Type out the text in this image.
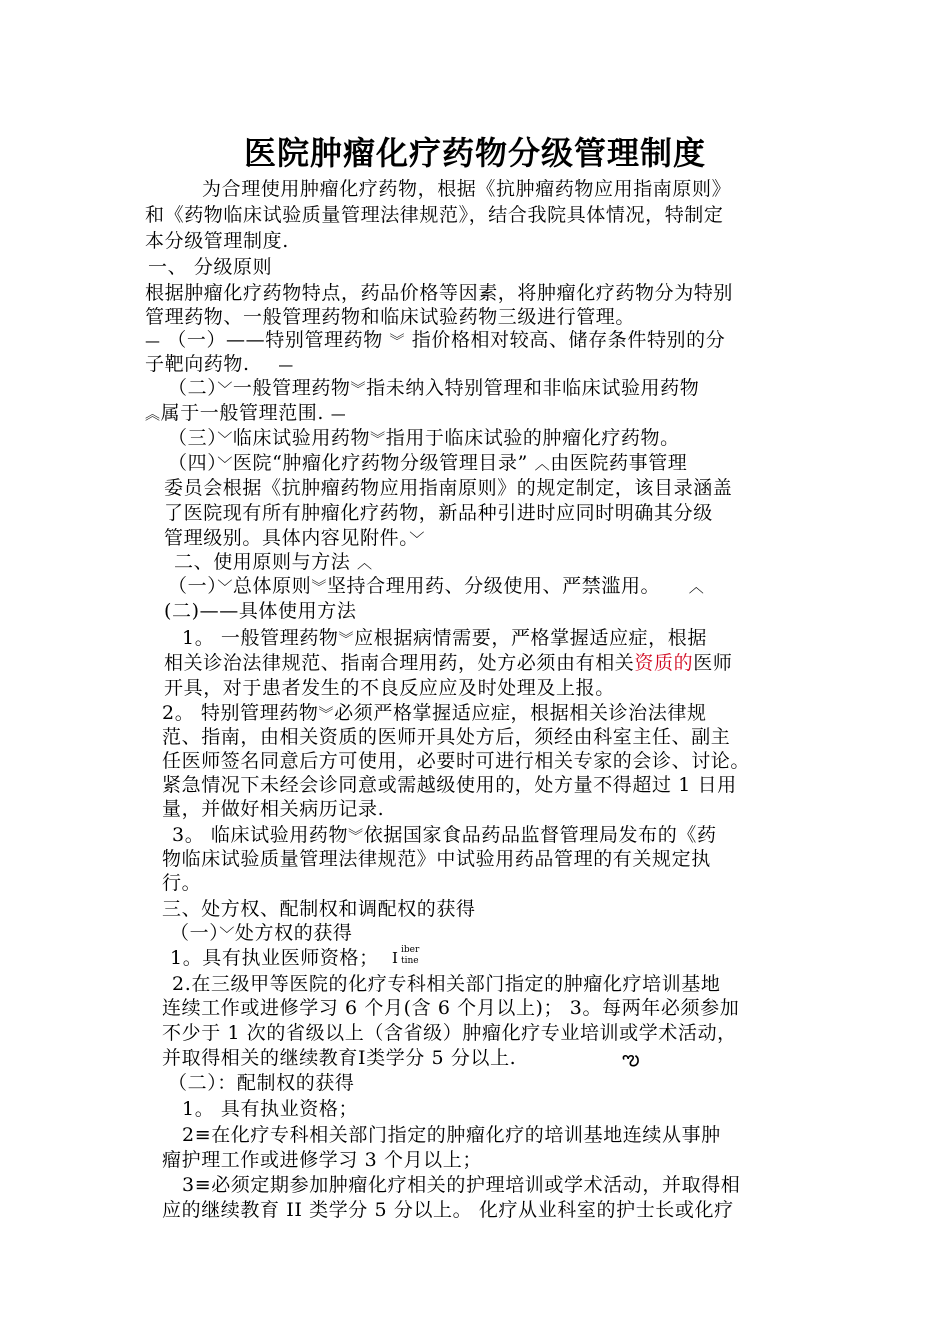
医院肿瘤化疗药物分级管理制度

为合理使用肿瘤化疗药物，根据《抗肿瘤药物应用指南原则》

和《药物临床试验质量管理法律规范》，结合我院具体情况，特制定

本分级管理制度.

一、 分级原则

根据肿瘤化疗药物特点，药品价格等因素，将肿瘤化疗药物分为特别

管理药物、一般管理药物和临床试验药物三级进行管理。

— （一）——特别管理药物 ︾ 指价格相对较高、储存条件特别的分

子靶向药物. —

（二）﹀一般管理药物︾指未纳入特别管理和非临床试验用药物

︽属于一般管理范围. —

（三）﹀临床试验用药物︾指用于临床试验的肿瘤化疗药物。

（四）﹀医院“肿瘤化疗药物分级管理目录” ︿由医院药事管理

委员会根据《抗肿瘤药物应用指南原则》的规定制定，该目录涵盖

了医院现有所有肿瘤化疗药物，新品种引进时应同时明确其分级

管理级别。具体内容见附件。﹀

二、使用原则与方法 ︿

（一）﹀总体原则︾坚持合理用药、分级使用、严禁滥用。 ︿

(二)——具体使用方法

1。 一般管理药物︾应根据病情需要，严格掌握适应症，根据

相关诊治法律规范、指南合理用药，处方必须由有相关资质的医师

开具，对于患者发生的不良反应应及时处理及上报。

2。 特别管理药物︾必须严格掌握适应症，根据相关诊治法律规

范、指南，由相关资质的医师开具处方后，须经由科室主任、副主

任医师签名同意后方可使用，必要时可进行相关专家的会诊、讨论。

紧急情况下未经会诊同意或需越级使用的，处方量不得超过 1 日用

量，并做好相关病历记录.

3。 临床试验用药物︾依据国家食品药品监督管理局发布的《药

物临床试验质量管理法律规范》中试验用药品管理的有关规定执

行。

三、处方权、配制权和调配权的获得

（一）﹀处方权的获得

1。具有执业医师资格； I iber
tine

2.在三级甲等医院的化疗专科相关部门指定的肿瘤化疗培训基地

连续工作或进修学习 6 个月(含 6 个月以上)； 3。每两年必须参加

不少于 1 次的省级以上（含省级）肿瘤化疗专业培训或学术活动，

并取得相关的继续教育Ⅰ类学分 5 分以上.	ఌ

（二）：配制权的获得

1。 具有执业资格；

2≡在化疗专科相关部门指定的肿瘤化疗的培训基地连续从事肿

瘤护理工作或进修学习 3 个月以上；

3≡必须定期参加肿瘤化疗相关的护理培训或学术活动，并取得相

应的继续教育 II 类学分 5 分以上。 化疗从业科室的护士长或化疗
